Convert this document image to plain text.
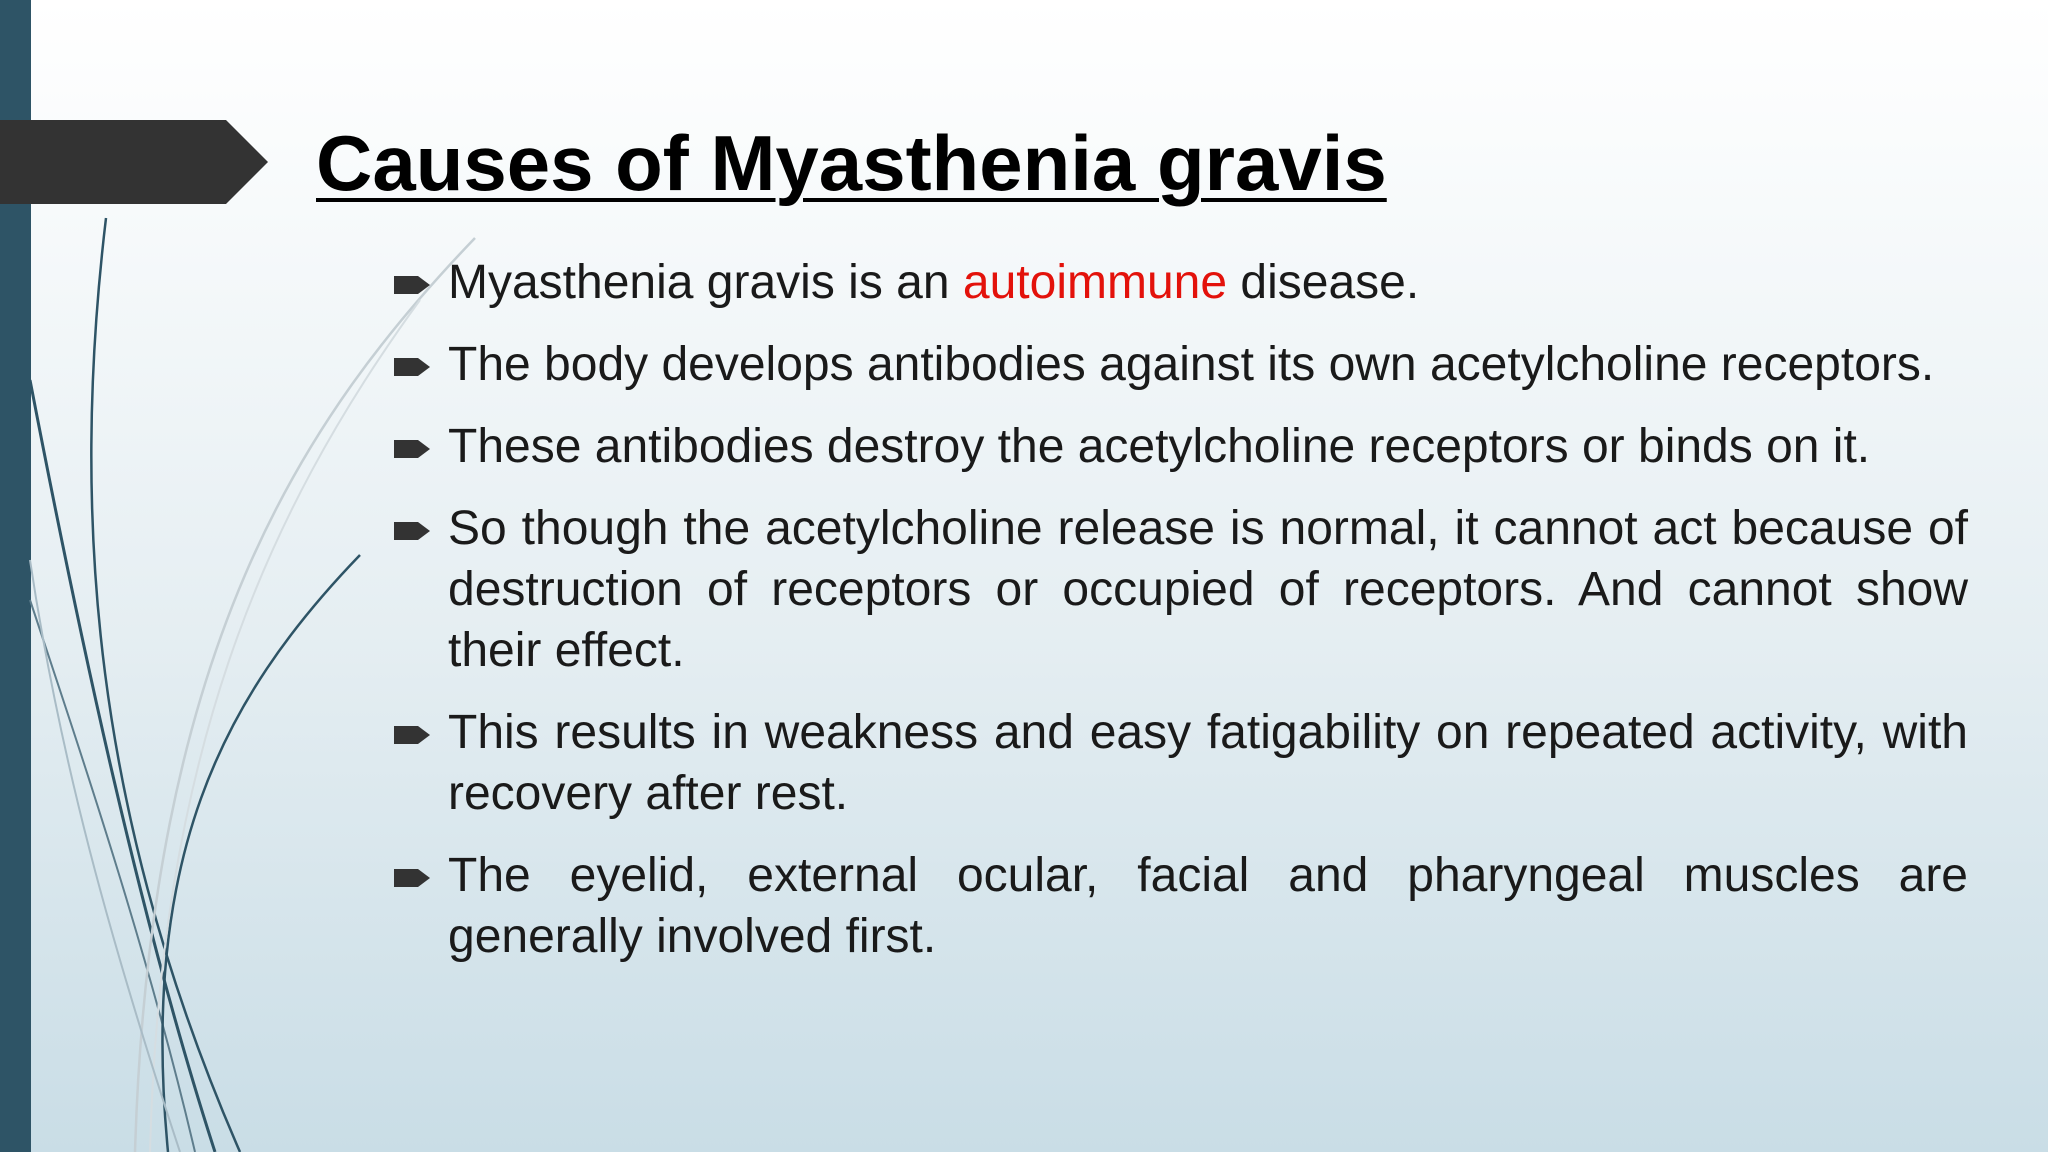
Causes of Myasthenia gravis
Myasthenia gravis is an autoimmune disease.
The body develops antibodies against its own acetylcholine receptors.
These antibodies destroy the acetylcholine receptors or binds on it.
So though the acetylcholine release is normal, it cannot act because of destruction of receptors or occupied of receptors. And cannot show their effect.
This results in weakness and easy fatigability on repeated activity, with recovery after rest.
The eyelid, external ocular, facial and pharyngeal muscles are generally involved first.
